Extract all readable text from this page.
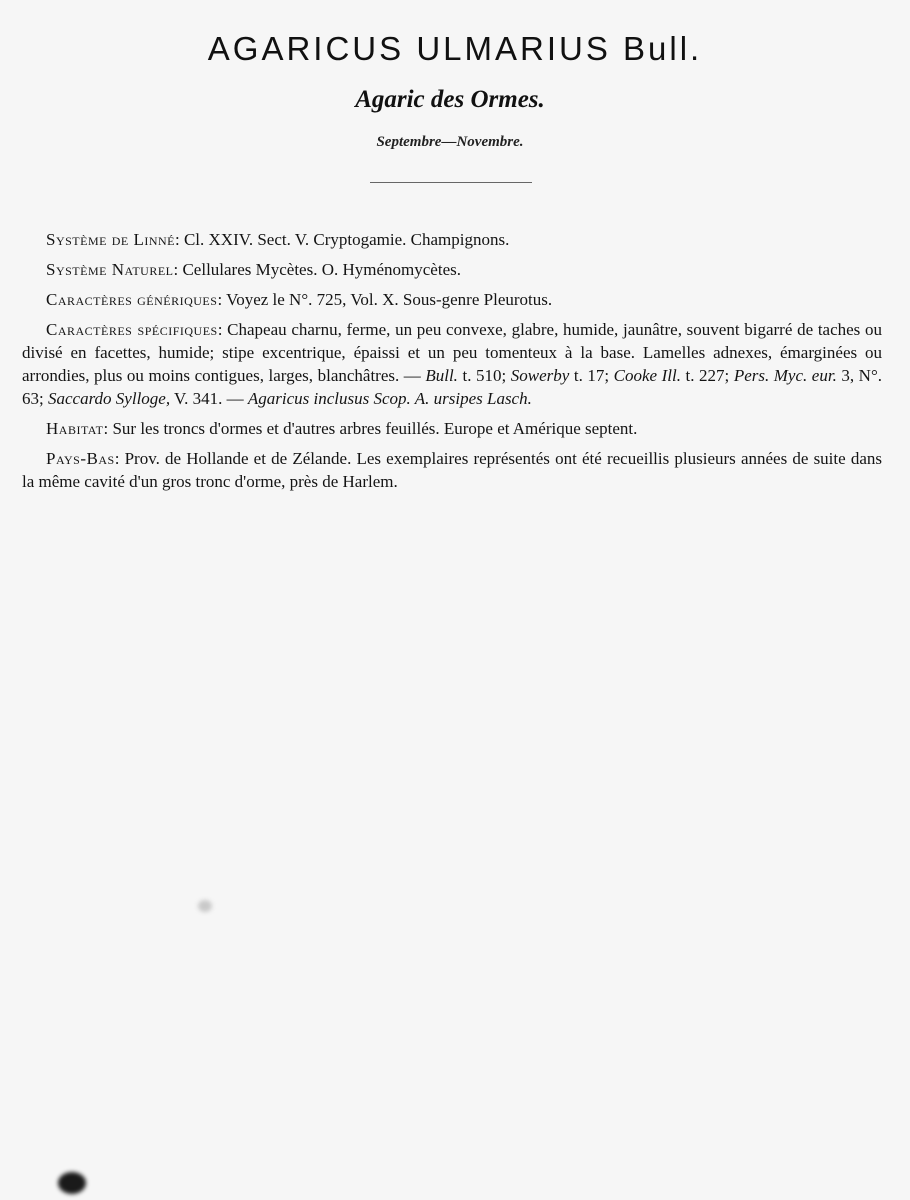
AGARICUS ULMARIUS Bull.
Agaric des Ormes.
Septembre—Novembre.

Système de Linné: Cl. XXIV. Sect. V. Cryptogamie. Champignons.

Système Naturel: Cellulares Mycètes. O. Hyménomycètes.

Caractères génériques: Voyez le N°. 725, Vol. X. Sous-genre Pleurotus.

Caractères spécifiques: Chapeau charnu, ferme, un peu convexe, glabre, humide, jaunâtre, souvent bigarré de taches ou divisé en facettes, humide; stipe excentrique, épaissi et un peu tomenteux à la base. Lamelles adnexes, émarginées ou arrondies, plus ou moins contigues, larges, blanchâtres. — Bull. t. 510; Sowerby t. 17; Cooke Ill. t. 227; Pers. Myc. eur. 3, N°. 63; Saccardo Sylloge, V. 341. — Agaricus inclusus Scop. A. ursipes Lasch.

Habitat: Sur les troncs d'ormes et d'autres arbres feuillés. Europe et Amérique septent.

Pays-Bas: Prov. de Hollande et de Zélande. Les exemplaires représentés ont été recueillis plusieurs années de suite dans la même cavité d'un gros tronc d'orme, près de Harlem.
